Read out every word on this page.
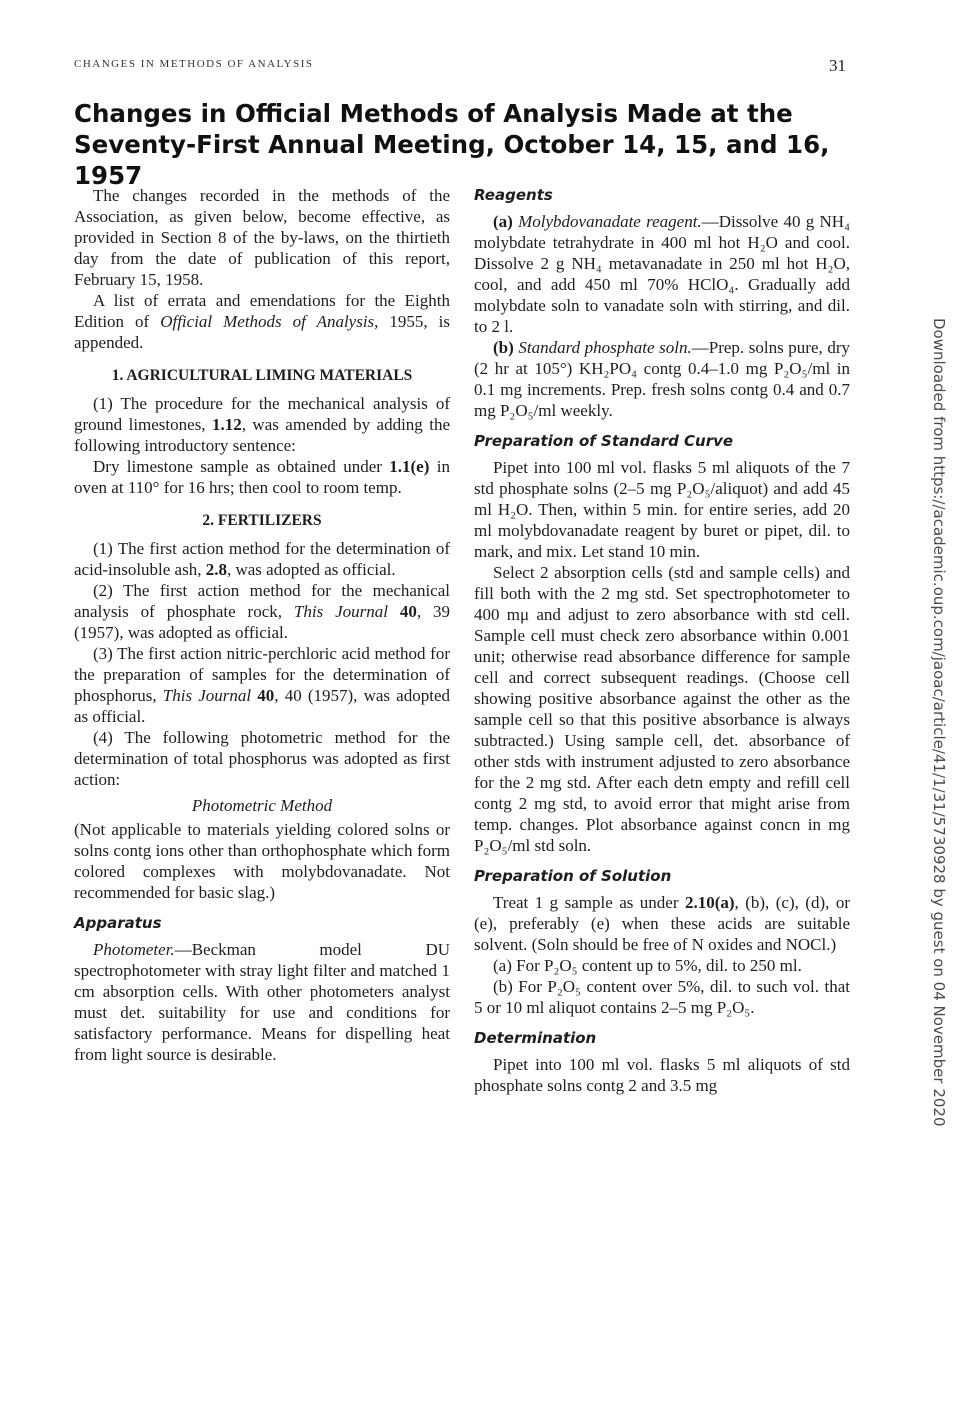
CHANGES IN METHODS OF ANALYSIS	31
Changes in Official Methods of Analysis Made at the Seventy-First Annual Meeting, October 14, 15, and 16, 1957

The changes recorded in the methods of the Association, as given below, become effective, as provided in Section 8 of the by-laws, on the thirtieth day from the date of publication of this report, February 15, 1958.

A list of errata and emendations for the Eighth Edition of Official Methods of Analysis, 1955, is appended.

1. AGRICULTURAL LIMING MATERIALS

(1) The procedure for the mechanical analysis of ground limestones, 1.12, was amended by adding the following introductory sentence:

Dry limestone sample as obtained under 1.1(e) in oven at 110° for 16 hrs; then cool to room temp.

2. FERTILIZERS

(1) The first action method for the determination of acid-insoluble ash, 2.8, was adopted as official.

(2) The first action method for the mechanical analysis of phosphate rock, This Journal 40, 39 (1957), was adopted as official.

(3) The first action nitric-perchloric acid method for the preparation of samples for the determination of phosphorus, This Journal 40, 40 (1957), was adopted as official.

(4) The following photometric method for the determination of total phosphorus was adopted as first action:

Photometric Method

(Not applicable to materials yielding colored solns or solns contg ions other than orthophosphate which form colored complexes with molybdovanadate. Not recommended for basic slag.)

Apparatus

Photometer.—Beckman model DU spectrophotometer with stray light filter and matched 1 cm absorption cells. With other photometers analyst must det. suitability for use and conditions for satisfactory performance. Means for dispelling heat from light source is desirable.

Reagents

(a) Molybdovanadate reagent.—Dissolve 40 g NH₄ molybdate tetrahydrate in 400 ml hot H₂O and cool. Dissolve 2 g NH₄ metavanadate in 250 ml hot H₂O, cool, and add 450 ml 70% HClO₄. Gradually add molybdate soln to vanadate soln with stirring, and dil. to 2 l.

(b) Standard phosphate soln.—Prep. solns pure, dry (2 hr at 105°) KH₂PO₄ contg 0.4–1.0 mg P₂O₅/ml in 0.1 mg increments. Prep. fresh solns contg 0.4 and 0.7 mg P₂O₅/ml weekly.

Preparation of Standard Curve

Pipet into 100 ml vol. flasks 5 ml aliquots of the 7 std phosphate solns (2–5 mg P₂O₅/aliquot) and add 45 ml H₂O. Then, within 5 min. for entire series, add 20 ml molybdovanadate reagent by buret or pipet, dil. to mark, and mix. Let stand 10 min.

Select 2 absorption cells (std and sample cells) and fill both with the 2 mg std. Set spectrophotometer to 400 mμ and adjust to zero absorbance with std cell. Sample cell must check zero absorbance within 0.001 unit; otherwise read absorbance difference for sample cell and correct subsequent readings. (Choose cell showing positive absorbance against the other as the sample cell so that this positive absorbance is always subtracted.) Using sample cell, det. absorbance of other stds with instrument adjusted to zero absorbance for the 2 mg std. After each detn empty and refill cell contg 2 mg std, to avoid error that might arise from temp. changes. Plot absorbance against concn in mg P₂O₅/ml std soln.

Preparation of Solution

Treat 1 g sample as under 2.10(a), (b), (c), (d), or (e), preferably (e) when these acids are suitable solvent. (Soln should be free of N oxides and NOCl.)

(a) For P₂O₅ content up to 5%, dil. to 250 ml.

(b) For P₂O₅ content over 5%, dil. to such vol. that 5 or 10 ml aliquot contains 2–5 mg P₂O₅.

Determination

Pipet into 100 ml vol. flasks 5 ml aliquots of std phosphate solns contg 2 and 3.5 mg	Downloaded from https://academic.oup.com/jaoac/article/41/1/31/5730928 by guest on 04 November 2020
